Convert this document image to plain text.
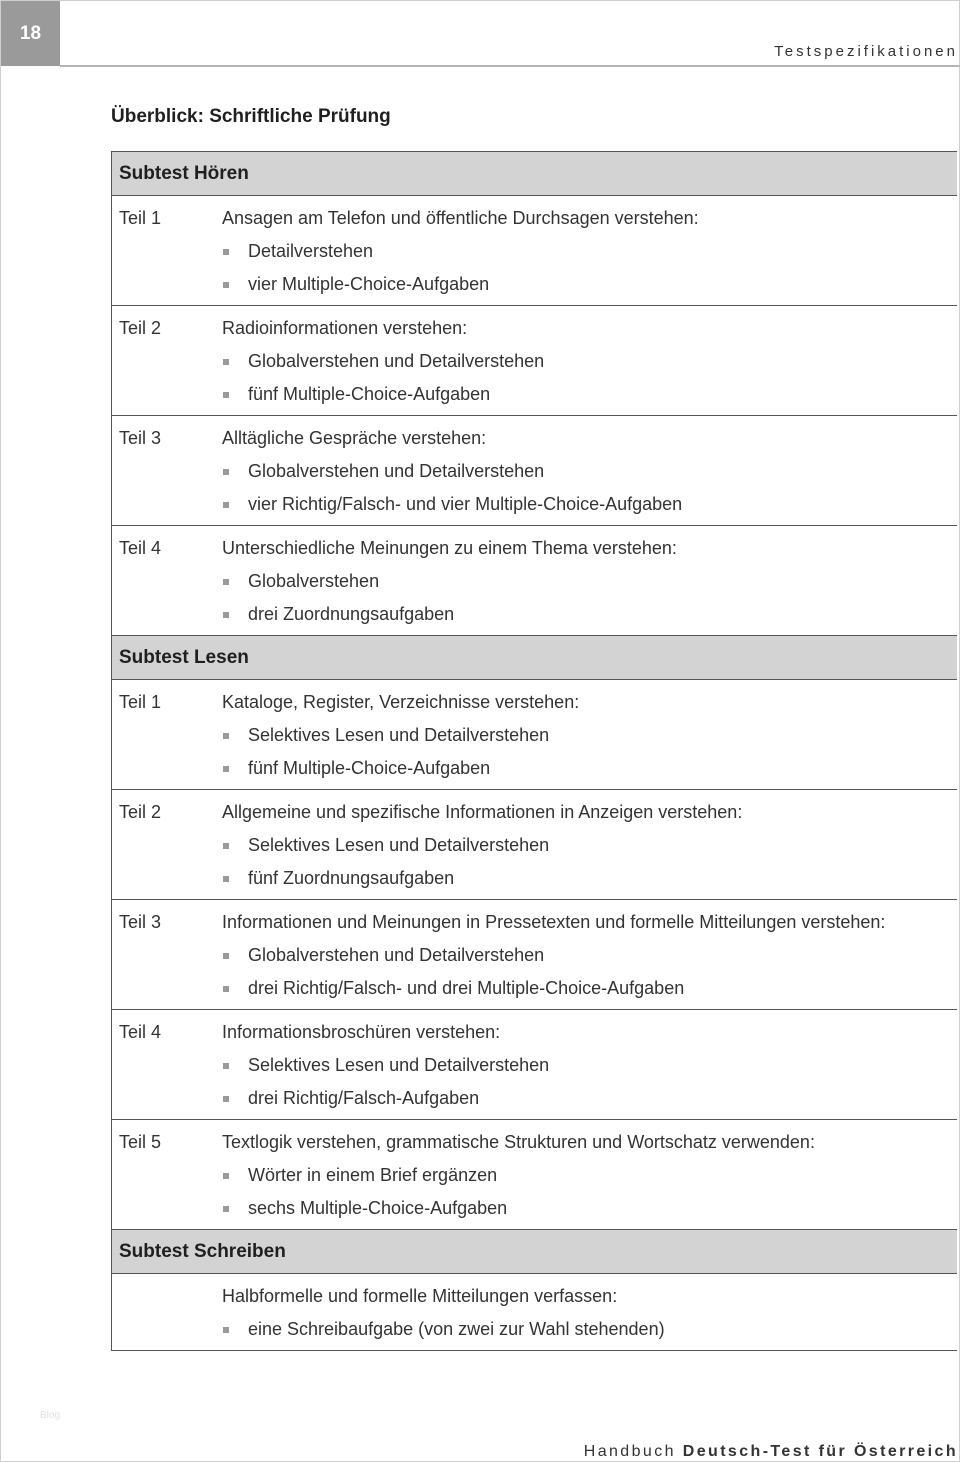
18
Testspezifikationen
Überblick: Schriftliche Prüfung
Subtest Hören
Teil 1	Ansagen am Telefon und öffentliche Durchsagen verstehen:
Detailverstehen
vier Multiple-Choice-Aufgaben
Teil 2	Radioinformationen verstehen:
Globalverstehen und Detailverstehen
fünf Multiple-Choice-Aufgaben
Teil 3	Alltägliche Gespräche verstehen:
Globalverstehen und Detailverstehen
vier Richtig/Falsch- und vier Multiple-Choice-Aufgaben
Teil 4	Unterschiedliche Meinungen zu einem Thema verstehen:
Globalverstehen
drei Zuordnungsaufgaben
Subtest Lesen
Teil 1	Kataloge, Register, Verzeichnisse verstehen:
Selektives Lesen und Detailverstehen
fünf Multiple-Choice-Aufgaben
Teil 2	Allgemeine und spezifische Informationen in Anzeigen verstehen:
Selektives Lesen und Detailverstehen
fünf Zuordnungsaufgaben
Teil 3	Informationen und Meinungen in Pressetexten und formelle Mitteilungen verstehen:
Globalverstehen und Detailverstehen
drei Richtig/Falsch- und drei Multiple-Choice-Aufgaben
Teil 4	Informationsbroschüren verstehen:
Selektives Lesen und Detailverstehen
drei Richtig/Falsch-Aufgaben
Teil 5	Textlogik verstehen, grammatische Strukturen und Wortschatz verwenden:
Wörter in einem Brief ergänzen
sechs Multiple-Choice-Aufgaben
Subtest Schreiben
Halbformelle und formelle Mitteilungen verfassen:
eine Schreibaufgabe (von zwei zur Wahl stehenden)
Blog
Handbuch Deutsch-Test für Österreich
